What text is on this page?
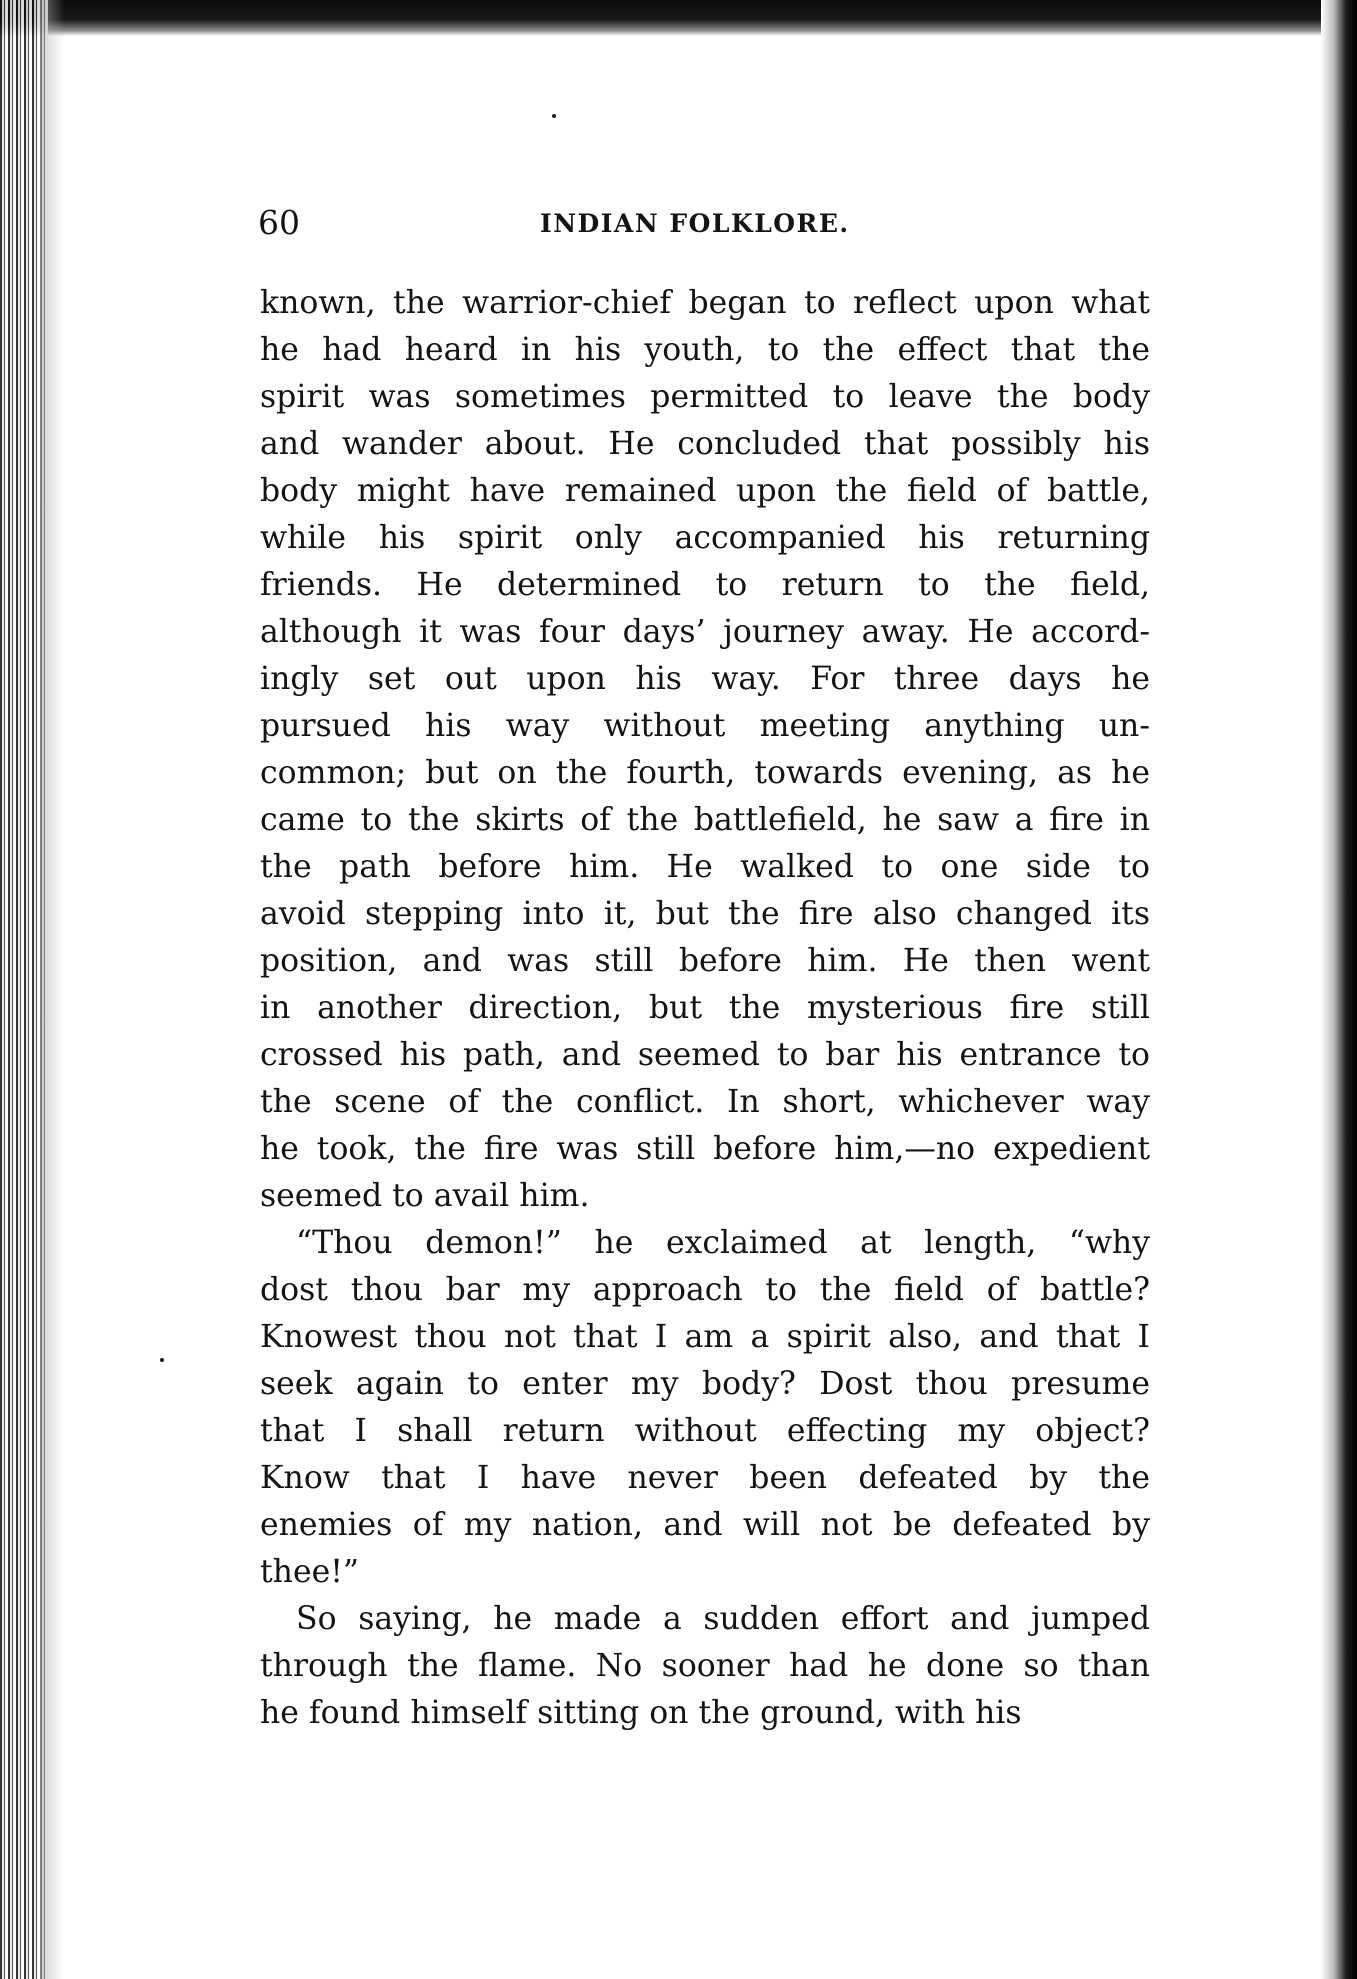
60	INDIAN FOLKLORE.
known, the warrior-chief began to reflect upon what
he had heard in his youth, to the effect that the
spirit was sometimes permitted to leave the body
and wander about. He concluded that possibly his
body might have remained upon the field of battle,
while his spirit only accompanied his returning
friends. He determined to return to the field,
although it was four days’ journey away. He accord-
ingly set out upon his way. For three days he
pursued his way without meeting anything un-
common; but on the fourth, towards evening, as he
came to the skirts of the battlefield, he saw a fire in
the path before him. He walked to one side to
avoid stepping into it, but the fire also changed its
position, and was still before him. He then went
in another direction, but the mysterious fire still
crossed his path, and seemed to bar his entrance to
the scene of the conflict. In short, whichever way
he took, the fire was still before him,—no expedient
seemed to avail him.
“Thou demon!” he exclaimed at length, “why
dost thou bar my approach to the field of battle?
Knowest thou not that I am a spirit also, and that I
seek again to enter my body? Dost thou presume
that I shall return without effecting my object?
Know that I have never been defeated by the
enemies of my nation, and will not be defeated by
thee!”
So saying, he made a sudden effort and jumped
through the flame. No sooner had he done so than
he found himself sitting on the ground, with his
